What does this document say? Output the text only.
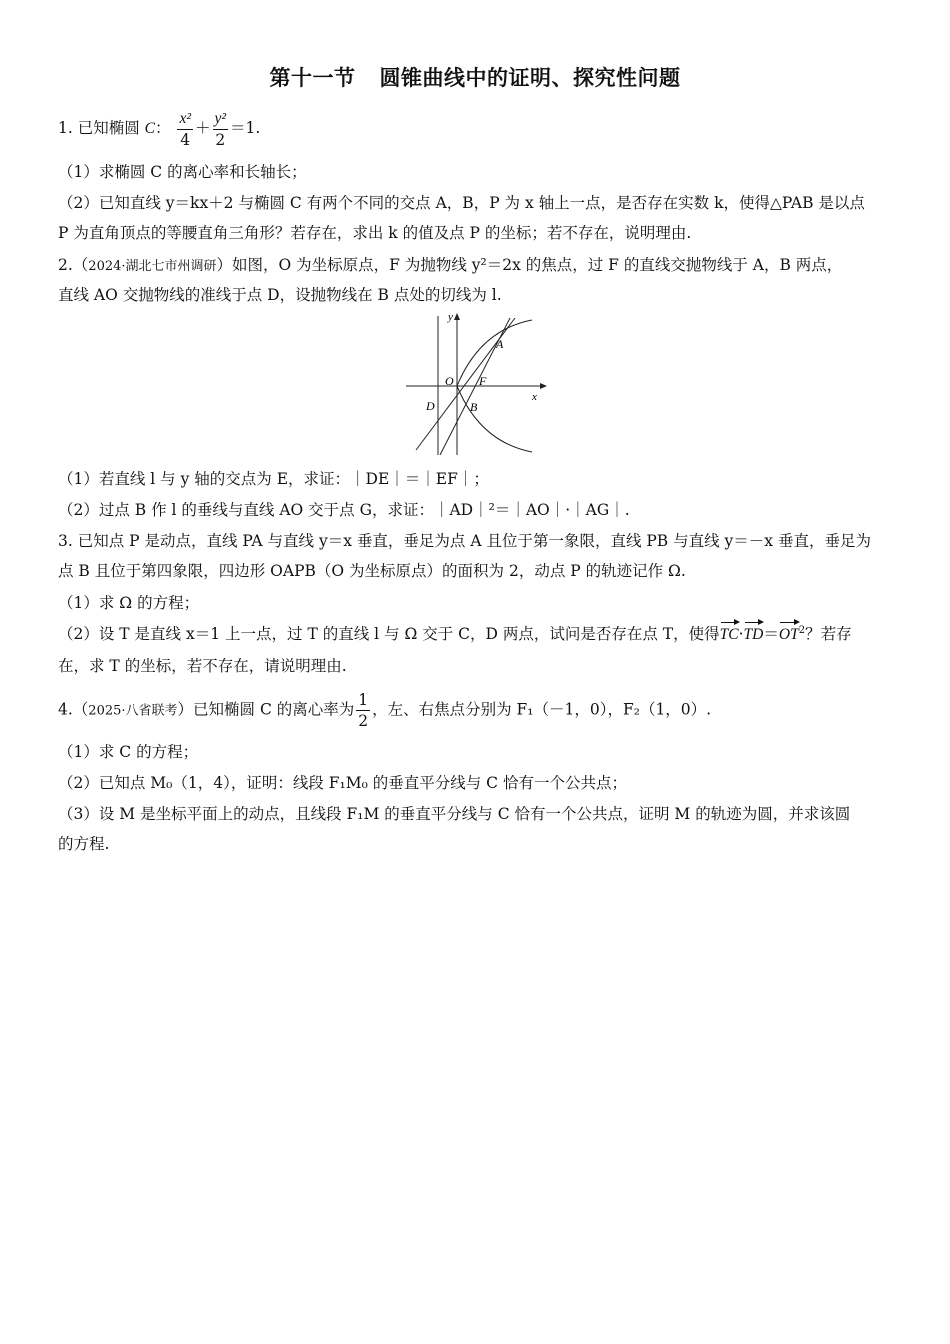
第十一节 圆锥曲线中的证明、探究性问题
1. 已知椭圆 C： $\frac{\text{x²}}{4} + \frac{\text{y²}}{2} =1$.
（1）求椭圆 C 的离心率和长轴长；
（2）已知直线 y＝kx＋2 与椭圆 C 有两个不同的交点 A，B，P 为 x 轴上一点，是否存在实数 k，使得△PAB 是以点
P 为直角顶点的等腰直角三角形？若存在，求出 k 的值及点 P 的坐标；若不存在，说明理由.
2.（2024·湖北七市州调研）如图，O 为坐标原点，F 为抛物线 y²＝2x 的焦点，过 F 的直线交抛物线于 A，B 两点，
直线 AO 交抛物线的准线于点 D，设抛物线在 B 点处的切线为 l.
y
x
O F
A
B
D
（1）若直线 l 与 y 轴的交点为 E，求证：｜DE｜＝｜EF｜；
（2）过点 B 作 l 的垂线与直线 AO 交于点 G，求证：｜AD｜²＝｜AO｜·｜AG｜.
3. 已知点 P 是动点，直线 PA 与直线 y＝x 垂直，垂足为点 A 且位于第一象限，直线 PB 与直线 y＝－x 垂直，垂足为
点 B 且位于第四象限，四边形 OAPB（O 为坐标原点）的面积为 2，动点 P 的轨迹记作 Ω.
（1）求 Ω 的方程；
（2）设 T 是直线 x＝1 上一点，过 T 的直线 l 与 Ω 交于 C，D 两点，试问是否存在点 T，使得$TC\cdot TD=OT^2$？若存
在，求 T 的坐标，若不存在，请说明理由.
4.（2025·八省联考）已知椭圆 C 的离心率为 $\frac{1}{2}$ ，左、右焦点分别为 F₁（－1，0），F₂（1，0）.
（1）求 C 的方程；
（2）已知点 M₀（1，4），证明：线段 F₁M₀ 的垂直平分线与 C 恰有一个公共点；
（3）设 M 是坐标平面上的动点，且线段 F₁M 的垂直平分线与 C 恰有一个公共点，证明 M 的轨迹为圆，并求该圆
的方程.
